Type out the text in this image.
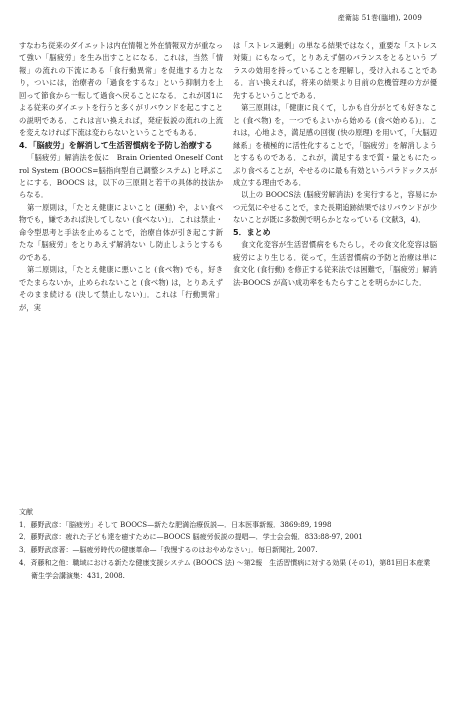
産衛誌 51巻(臨増), 2009

すなわち従来のダイエットは内在情報と外在情報双方が重なって強い「脳疲労」を生み出すことになる．これは，当然「情報」の流れの下流にある「食行動異常」を促進する力となり，ついには，治療者の「過食をするな」という抑制力を上回って節食から一転して過食へ戻ることになる．これが図1による従来のダイエットを行うと多くがリバウンドを起こすことの説明である．これは言い換えれば，発症仮説の流れの上流を変えなければ下流は変わらないということでもある．

4．「脳疲労」を解消して生活習慣病を予防し治療する

「脳疲労」解消法を仮に　Brain Oriented Oneself Control System (BOOCS=脳指向型自己調整システム) と呼ぶことにする．BOOCS は，以下の三原則と若干の具体的技法からなる．

第一原則は，「たとえ健康によいこと (運動) や，よい食べ物でも，嫌であれば決してしない (食べない)」．これは禁止・命令型思考と手法を止めることで，治療自体が引き起こす新たな「脳疲労」をとりあえず解消ない し防止しようとするものである．

第二原則は，「たとえ健康に悪いこと (食べ物) でも，好きでたまらないか，止められないこと (食べ物) は，とりあえずそのまま続ける (決して禁止しない)」．これは「行動異常」が，実

は「ストレス過剰」の単なる結果ではなく，重要な「ストレス対策」にもなって，とりあえず個のバランスをとるという プラスの効用を持っていることを理解し，受け入れることである．言い換えれば，将来の結果より目前の危機管理の方が優先するということである．

第三原則は，「健康に良くて，しかも自分がとても好きなこと (食べ物) を，一つでもよいから始める (食べ始める)」．これは，心地よさ，満足感の回復 (快の原理) を用いて，「大脳辺縁系」を積極的に活性化することで，「脳疲労」を解消しようとするものである．これが，満足するまで質・量ともにたっぷり食べることが，やせるのに最も有効というパラドックスが成立する理由である．

以上の BOOCS法 (脳疲労解消法) を実行すると，容易にかつ元気にやせることで，また長期追跡結果ではリバウンドが少ないことが既に多数例で明らかとなっている (文献3，4)．

5．まとめ

食文化変容が生活習慣病をもたらし，その食文化変容は脳疲労により生じる．従って，生活習慣病の予防と治療は単に食文化 (食行動) を修正する従来法では困難で，「脳疲労」解消法-BOOCS が高い成功率をもたらすことを明らかにした．

文献

1．藤野武彦：「脳疲労」そして BOOCS—新たな肥満治療仮説—．日本医事新報．3869:89, 1998
2．藤野武彦：疲れた子ども達を癒すために—BOOCS 脳疲労仮説の提唱—．学士会会報．833:88-97, 2001
3．藤野武彦著：—脳疲労時代の健康革命—「我慢するのはおやめなさい」．毎日新聞社, 2007.
4．斉藤和之他：職域における新たな健康支援システム (BOOCS 法) ～第2報　生活習慣病に対する効果 (その1)，第81回日本産業衛生学会講演集：431, 2008.
